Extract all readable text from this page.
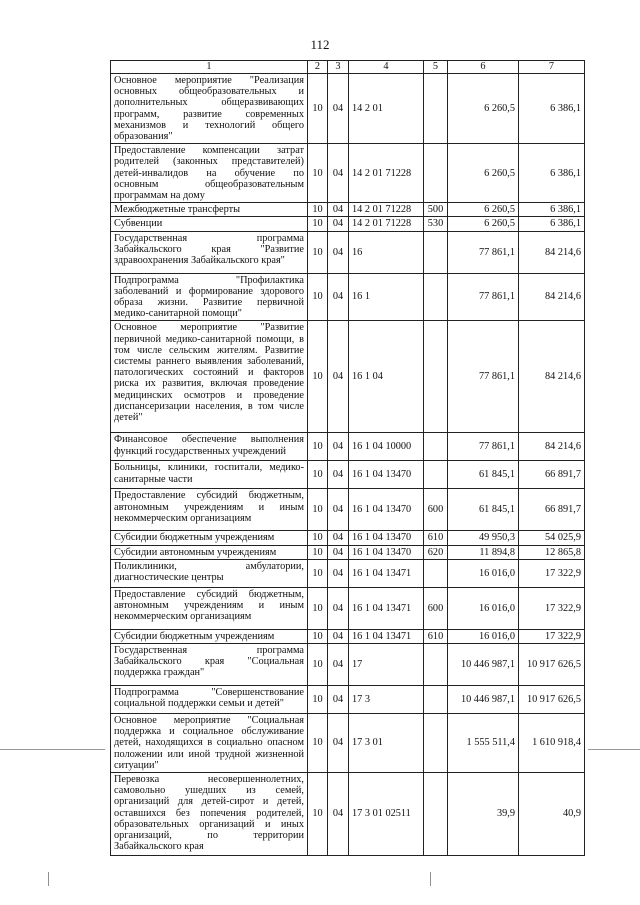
112
1	2	3	4	5	6	7
Основное мероприятие "Реализация основных общеобразовательных и дополнительных общеразвивающих программ, развитие современных механизмов и технологий общего образования"	10	04	14 2 01		6 260,5	6 386,1
Предоставление компенсации затрат родителей (законных представителей) детей-инвалидов на обучение по основным общеобразовательным программам на дому	10	04	14 2 01 71228		6 260,5	6 386,1
Межбюджетные трансферты	10	04	14 2 01 71228	500	6 260,5	6 386,1
Субвенции	10	04	14 2 01 71228	530	6 260,5	6 386,1
Государственная программа Забайкальского края "Развитие здравоохранения Забайкальского края"	10	04	16		77 861,1	84 214,6
Подпрограмма "Профилактика заболеваний и формирование здорового образа жизни. Развитие первичной медико-санитарной помощи"	10	04	16 1		77 861,1	84 214,6
Основное мероприятие "Развитие первичной медико-санитарной помощи, в том числе сельским жителям. Развитие системы раннего выявления заболеваний, патологических состояний и факторов риска их развития, включая проведение медицинских осмотров и проведение диспансеризации населения, в том числе детей"	10	04	16 1 04		77 861,1	84 214,6
Финансовое обеспечение выполнения функций государственных учреждений	10	04	16 1 04 10000		77 861,1	84 214,6
Больницы, клиники, госпитали, медико-санитарные части	10	04	16 1 04 13470		61 845,1	66 891,7
Предоставление субсидий бюджетным, автономным учреждениям и иным некоммерческим организациям	10	04	16 1 04 13470	600	61 845,1	66 891,7
Субсидии бюджетным учреждениям	10	04	16 1 04 13470	610	49 950,3	54 025,9
Субсидии автономным учреждениям	10	04	16 1 04 13470	620	11 894,8	12 865,8
Поликлиники, амбулатории, диагностические центры	10	04	16 1 04 13471		16 016,0	17 322,9
Предоставление субсидий бюджетным, автономным учреждениям и иным некоммерческим организациям	10	04	16 1 04 13471	600	16 016,0	17 322,9
Субсидии бюджетным учреждениям	10	04	16 1 04 13471	610	16 016,0	17 322,9
Государственная программа Забайкальского края "Социальная поддержка граждан"	10	04	17		10 446 987,1	10 917 626,5
Подпрограмма "Совершенствование социальной поддержки семьи и детей"	10	04	17 3		10 446 987,1	10 917 626,5
Основное мероприятие "Социальная поддержка и социальное обслуживание детей, находящихся в социально опасном положении или иной трудной жизненной ситуации"	10	04	17 3 01		1 555 511,4	1 610 918,4
Перевозка несовершеннолетних, самовольно ушедших из семей, организаций для детей-сирот и детей, оставшихся без попечения родителей, образовательных организаций и иных организаций, по территории Забайкальского края	10	04	17 3 01 02511		39,9	40,9
